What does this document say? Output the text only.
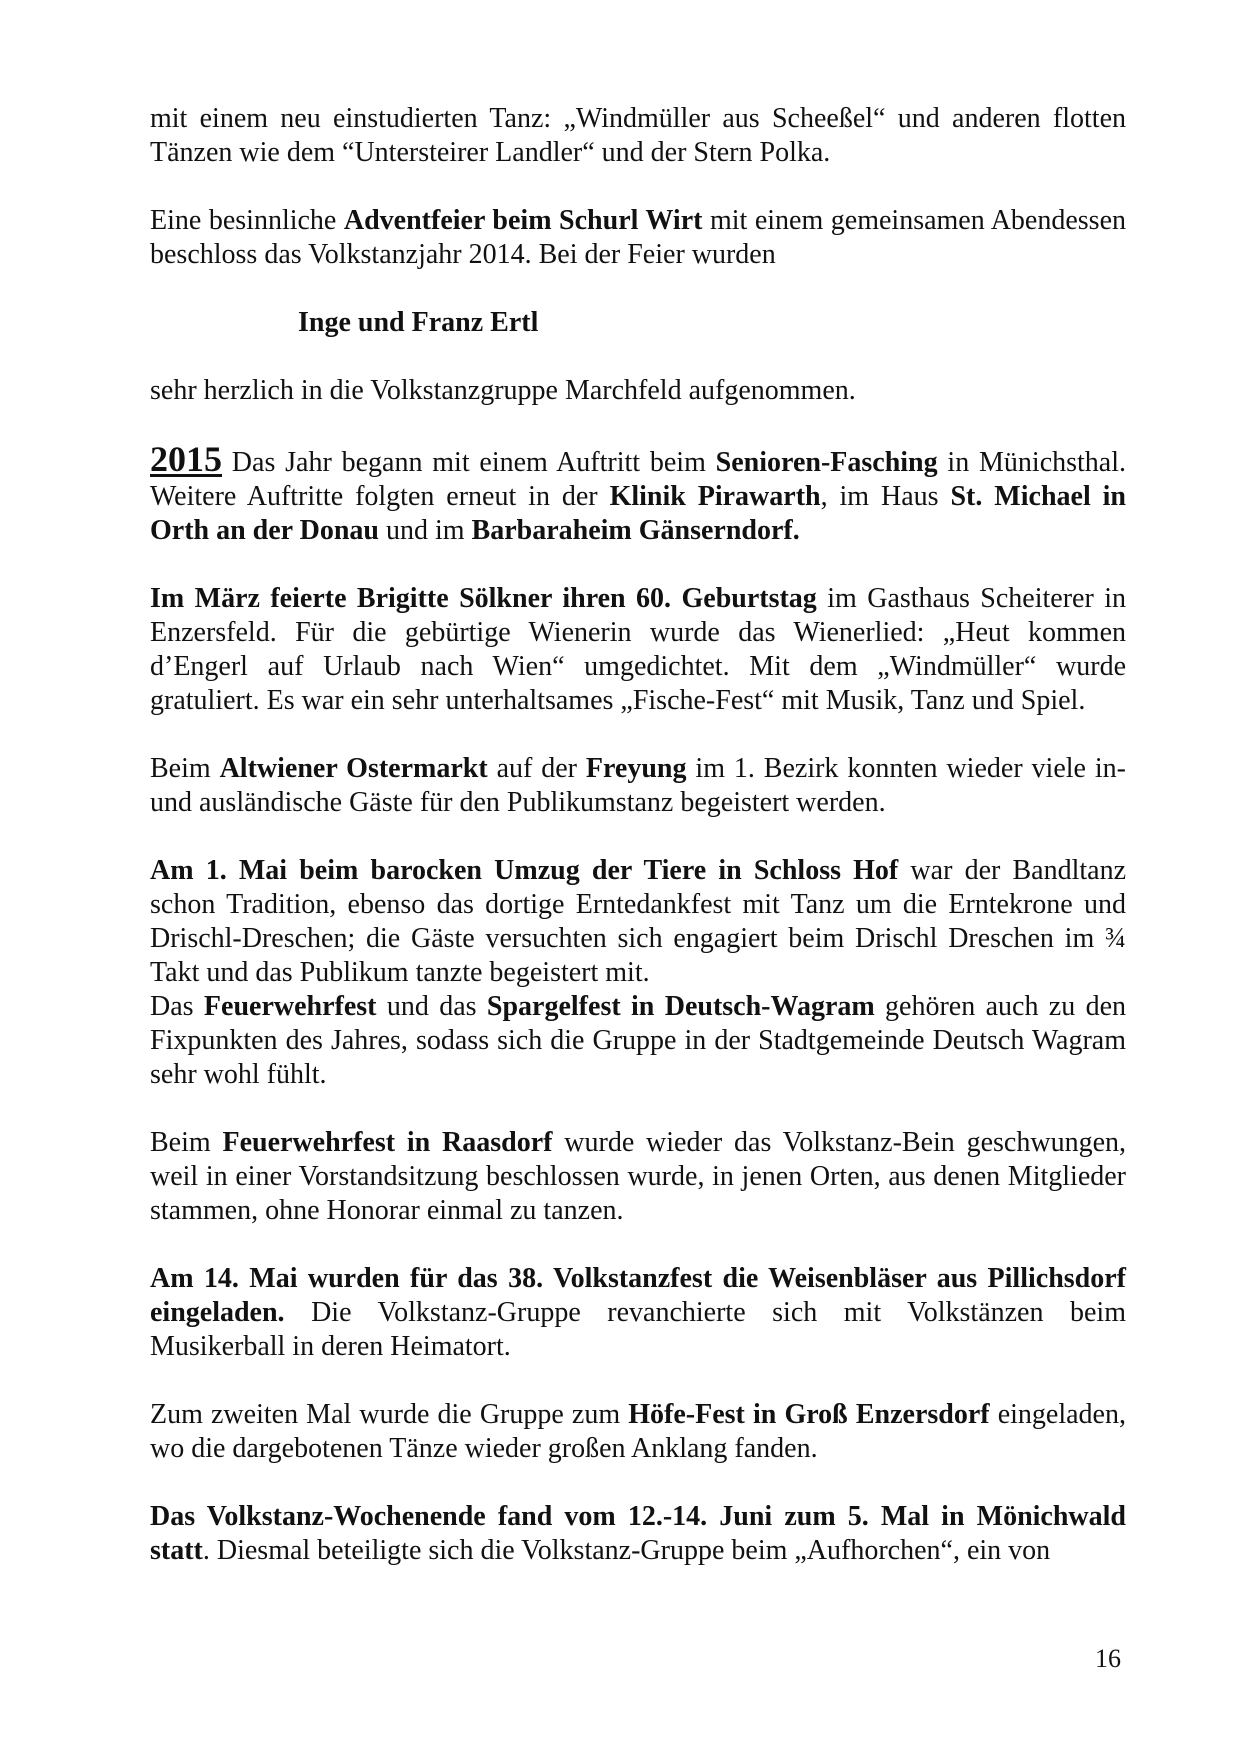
mit einem neu einstudierten Tanz: „Windmüller aus Scheeßel“ und anderen flotten Tänzen wie dem “Untersteirer Landler“ und der Stern Polka.

Eine besinnliche Adventfeier beim Schurl Wirt mit einem gemeinsamen Abendessen beschloss das Volkstanzjahr 2014. Bei der Feier wurden

Inge und Franz Ertl

sehr herzlich in die Volkstanzgruppe Marchfeld aufgenommen.

2015 Das Jahr begann mit einem Auftritt beim Senioren-Fasching in Münichsthal. Weitere Auftritte folgten erneut in der Klinik Pirawarth, im Haus St. Michael in Orth an der Donau und im Barbaraheim Gänserndorf.

Im März feierte Brigitte Sölkner ihren 60. Geburtstag im Gasthaus Scheiterer in Enzersfeld. Für die gebürtige Wienerin wurde das Wienerlied: „Heut kommen d’Engerl auf Urlaub nach Wien“ umgedichtet. Mit dem „Windmüller“ wurde gratuliert. Es war ein sehr unterhaltsames „Fische-Fest“ mit Musik, Tanz und Spiel.

Beim Altwiener Ostermarkt auf der Freyung im 1. Bezirk konnten wieder viele in- und ausländische Gäste für den Publikumstanz begeistert werden.

Am 1. Mai beim barocken Umzug der Tiere in Schloss Hof war der Bandltanz schon Tradition, ebenso das dortige Erntedankfest mit Tanz um die Erntekrone und Drischl-Dreschen; die Gäste versuchten sich engagiert beim Drischl Dreschen im ¾ Takt und das Publikum tanzte begeistert mit.

Das Feuerwehrfest und das Spargelfest in Deutsch-Wagram gehören auch zu den Fixpunkten des Jahres, sodass sich die Gruppe in der Stadtgemeinde Deutsch Wagram sehr wohl fühlt.

Beim Feuerwehrfest in Raasdorf wurde wieder das Volkstanz-Bein geschwungen, weil in einer Vorstandsitzung beschlossen wurde, in jenen Orten, aus denen Mitglieder stammen, ohne Honorar einmal zu tanzen.

Am 14. Mai wurden für das 38. Volkstanzfest die Weisenbläser aus Pillichsdorf eingeladen. Die Volkstanz-Gruppe revanchierte sich mit Volkstänzen beim Musikerball in deren Heimatort.

Zum zweiten Mal wurde die Gruppe zum Höfe-Fest in Groß Enzersdorf eingeladen, wo die dargebotenen Tänze wieder großen Anklang fanden.

Das Volkstanz-Wochenende fand vom 12.-14. Juni zum 5. Mal in Mönichwald statt. Diesmal beteiligte sich die Volkstanz-Gruppe beim „Aufhorchen“, ein von

16
